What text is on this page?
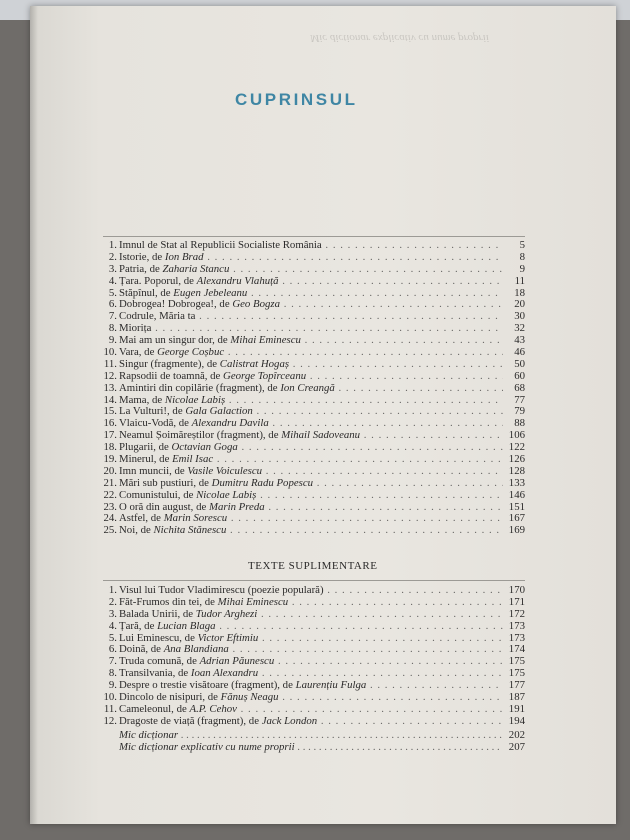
Mic dictionar explicativ cu nume proprii
CUPRINSUL
1. Imnul de Stat al Republicii Socialiste România . . .	5
2. Istorie, de Ion Brad . . .	8
3. Patria, de Zaharia Stancu . . .	9
4. Țara. Poporul, de Alexandru Vlahuță . . .	11
5. Stăpînul, de Eugen Jebeleanu . . .	18
6. Dobrogea! Dobrogea!, de Geo Bogza . . .	20
7. Codrule, Măria ta . . .	30
8. Miorița . . .	32
9. Mai am un singur dor, de Mihai Eminescu . . .	43
10. Vara, de George Coșbuc . . .	46
11. Singur (fragmente), de Calistrat Hogaș . . .	50
12. Rapsodii de toamnă, de George Topîrceanu . . .	60
13. Amintiri din copilărie (fragment), de Ion Creangă . . .	68
14. Mama, de Nicolae Labiș . . .	77
15. La Vulturi!, de Gala Galaction . . .	79
16. Vlaicu-Vodă, de Alexandru Davila . . .	88
17. Neamul Șoimăreștilor (fragment), de Mihail Sadoveanu . . .	106
18. Plugarii, de Octavian Goga . . .	122
19. Minerul, de Emil Isac . . .	126
20. Imn muncii, de Vasile Voiculescu . . .	128
21. Mări sub pustiuri, de Dumitru Radu Popescu . . .	133
22. Comunistului, de Nicolae Labiș . . .	146
23. O oră din august, de Marin Preda . . .	151
24. Astfel, de Marin Sorescu . . .	167
25. Noi, de Nichita Stănescu . . .	169
TEXTE SUPLIMENTARE
1. Visul lui Tudor Vladimirescu (poezie populară) . . .	170
2. Făt-Frumos din tei, de Mihai Eminescu . . .	171
3. Balada Unirii, de Tudor Arghezi . . .	172
4. Țară, de Lucian Blaga . . .	173
5. Lui Eminescu, de Victor Eftimiu . . .	173
6. Doină, de Ana Blandiana . . .	174
7. Truda comună, de Adrian Păunescu . . .	175
8. Transilvania, de Ioan Alexandru . . .	175
9. Despre o trestie visătoare (fragment), de Laurențiu Fulga . . .	177
10. Dincolo de nisipuri, de Fănuș Neagu . . .	187
11. Cameleonul, de A.P. Cehov . . .	191
12. Dragoste de viață (fragment), de Jack London . . .	194
Mic dicționar . . .	202
Mic dicționar explicativ cu nume proprii . . .	207
